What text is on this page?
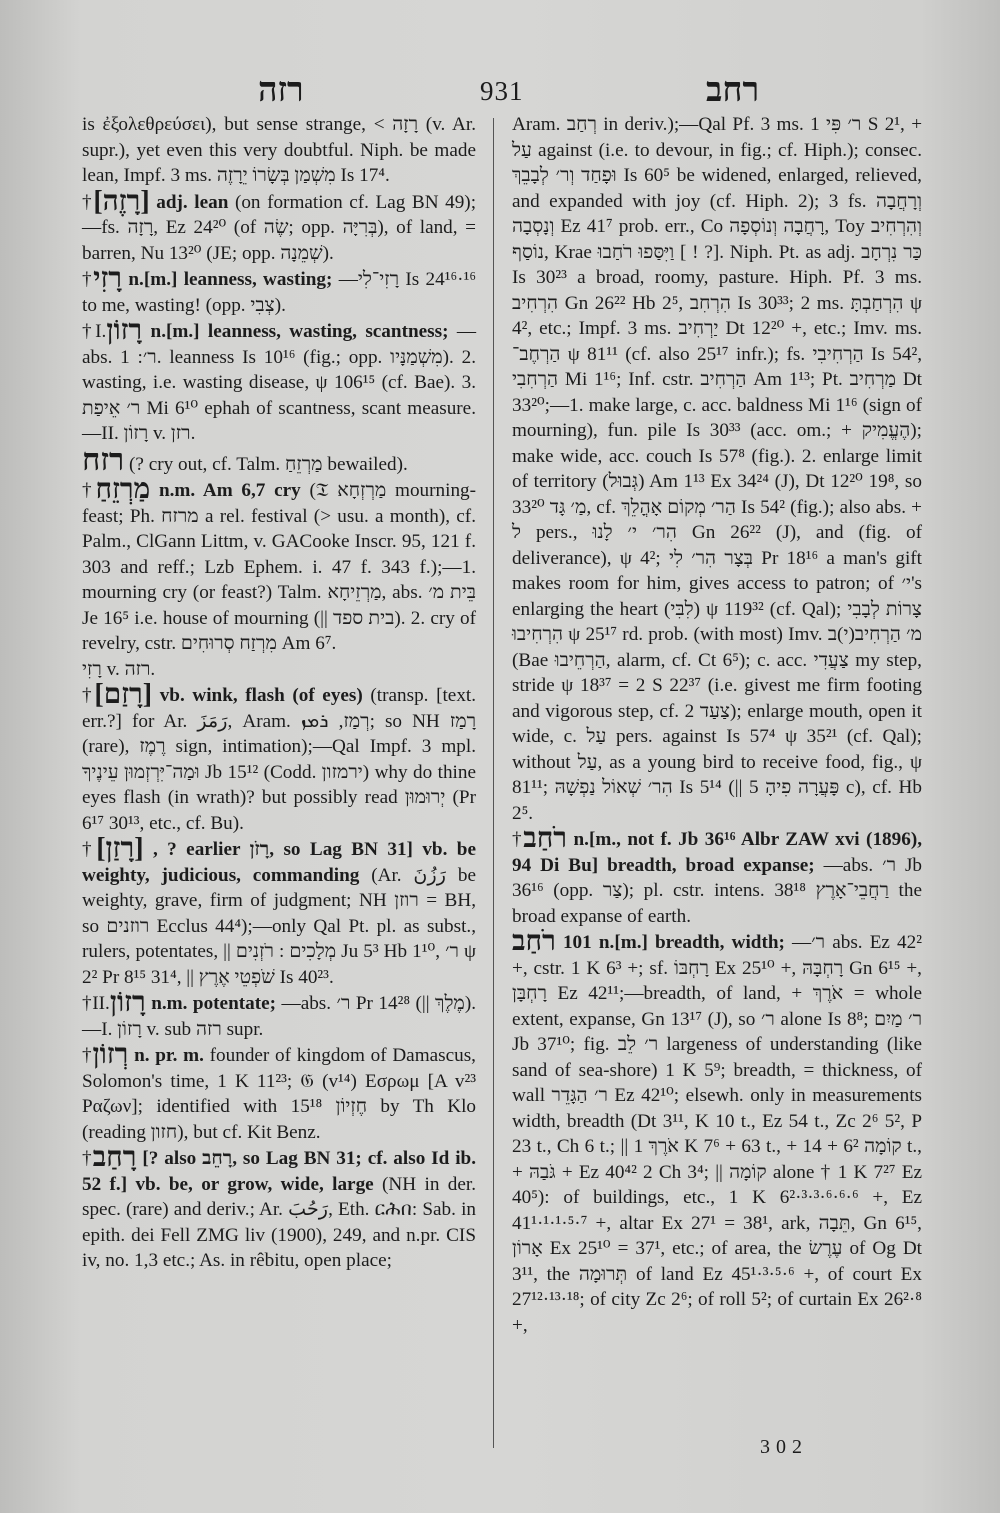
רזה	931	רחב

is ἐξολεθρεύσει), but sense strange, < רָזָה (v. Ar. supr.), yet even this very doubtful. Niph. be made lean, Impf. 3 ms. מִשְׁמַן בְּשָׂרוֹ יֵרָזֶה Is 17⁴.

†[רָזֶה] adj. lean (on formation cf. Lag BN 49);—fs. רָזָה, Ez 24²⁰ (of שֶׂה; opp. בְּרִיָּה), of land, = barren, Nu 13²⁰ (JE; opp. שְׁמֵנָה).

†רָזִי n.[m.] leanness, wasting; —רָזִי־לִי Is 24¹⁶·¹⁶ to me, wasting! (opp. צְבִי).

†I.רָזוֹן n.[m.] leanness, wasting, scantness; —abs. ר׳: 1. leanness Is 10¹⁶ (fig.; opp. מִשְׁמַנָּיו). 2. wasting, i.e. wasting disease, ψ 106¹⁵ (cf. Bae). 3. ר׳ אֵיפַת Mi 6¹⁰ ephah of scantness, scant measure.—II. רָזוֹן v. רזן.

רזח (? cry out, cf. Talm. מַרְזֵחַ bewailed).

†מַרְזֵחַ n.m. Am 6,7 cry (𝔗 מַרְזְחָא mourning-feast; Ph. מרזח a rel. festival (> usu. a month), cf. Palm., ClGann Littm, v. GACooke Inscr. 95, 121 f. 303 and reff.; Lzb Ephem. i. 47 f. 343 f.);—1. mourning cry (or feast?) Talm. מַרְזֵיחָא, abs. בֵּית מ׳ Je 16⁵ i.e. house of mourning (|| בית ספד). 2. cry of revelry, cstr. מִרְזַח סְרוּחִים Am 6⁷.

רָזִי v. רזה.

†[רָזַם] vb. wink, flash (of eyes) (transp. [text. err.?] for Ar. رَمَزَ, Aram. רְמַז, ܪܡܙ; so NH רָמַז (rare), רֶמֶז sign, intimation);—Qal Impf. 3 mpl. וּמַה־יִּרְזְמוּן עֵינֶיךָ Jb 15¹² (Codd. ירמזון) why do thine eyes flash (in wrath)? but possibly read יְרוּמוּן (Pr 6¹⁷ 30¹³, etc., cf. Bu).

†[רָזַן] , ? earlier רָזֹן, so Lag BN 31] vb. be weighty, judicious, commanding (Ar. رَزُنَ be weighty, grave, firm of judgment; NH רוזן = BH, so רוזנים Ecclus 44⁴);—only Qal Pt. pl. as subst., rulers, potentates, || מְלָכִים : רֹזְנִים Ju 5³ Hb 1¹⁰, ר׳ ψ 2² Pr 8¹⁵ 31⁴, || שֹׁפְטֵי אֶרֶץ Is 40²³.

†II.רָזוֹן n.m. potentate; —abs. ר׳ Pr 14²⁸ (|| מֶלֶךְ).—I. רָזוֹן v. sub רזה supr.

†רְזוֹן n. pr. m. founder of kingdom of Damascus, Solomon's time, 1 K 11²³; 𝔊 (v¹⁴) Εσρωμ [A v²³ Ραζων]; identified with חֶזְיוֹן 15¹⁸ by Th Klo (reading חזון), but cf. Kit Benz.

†רָחַב [? also רָחֵב, so Lag BN 31; cf. also Id ib. 52 f.] vb. be, or grow, wide, large (NH in der. spec. (rare) and deriv.; Ar. رَحُبَ, Eth. ርሕበ: Sab. in epith. dei Fell ZMG liv (1900), 249, and n.pr. CIS iv, no. 1,3 etc.; As. in rêbitu, open place;

Aram. רְחַב in deriv.);—Qal Pf. 3 ms. ר׳ פִּי 1 S 2¹, + עַל against (i.e. to devour, in fig.; cf. Hiph.); consec. וּפָחַד וְר׳ לְבָבֵךְ Is 60⁵ be widened, enlarged, relieved, and expanded with joy (cf. Hiph. 2); 3 fs. וְרָחֲבָה וְנָסְבָה Ez 41⁷ prob. err., Co רָחֲבָה וְנוֹסְפָה, Toy וְהִרְחִיב נוֹסַף, Krae וַיִּסַּפוּ רֹחַבוּ [ ! ?]. Niph. Pt. as adj. כַּר נִרְחָב Is 30²³ a broad, roomy, pasture. Hiph. Pf. 3 ms. הִרְחִיב Gn 26²² Hb 2⁵, הִרְחִב Is 30³³; 2 ms. הִרְחַבְתָּ ψ 4², etc.; Impf. 3 ms. יַרְחִיב Dt 12²⁰ +, etc.; Imv. ms. הַרְחֶב־ ψ 81¹¹ (cf. also 25¹⁷ infr.); fs. הַרְחִיבִי Is 54², הַרְחִבִי Mi 1¹⁶; Inf. cstr. הַרְחִיב Am 1¹³; Pt. מַרְחִיב Dt 33²⁰;—1. make large, c. acc. baldness Mi 1¹⁶ (sign of mourning), fun. pile Is 30³³ (acc. om.; + הֶעֱמִיק); make wide, acc. couch Is 57⁸ (fig.). 2. enlarge limit of territory (גְּבוּל) Am 1¹³ Ex 34²⁴ (J), Dt 12²⁰ 19⁸, so מַ׳ גָּד 33²⁰, cf. הַר׳ מְקוֹם אָהֳלֵךְ Is 54² (fig.); also abs. + ל pers., הִר׳ י׳ לָנוּ Gn 26²² (J), and (fig. of deliverance), ψ 4²; בְּצָר הִר׳ לִי Pr 18¹⁶ a man's gift makes room for him, gives access to patron; of י׳'s enlarging the heart (לִבִּי) ψ 119³² (cf. Qal); צָרוֹת לְבָבִי הִרְחִיבוּ ψ 25¹⁷ rd. prob. (with most) Imv. מ׳ הַרְחִיב(י)ב (Bae הַרְחֵיבוּ, alarm, cf. Ct 6⁵); c. acc. צַעֲדִי my step, stride ψ 18³⁷ = 2 S 22³⁷ (i.e. givest me firm footing and vigorous step, cf. צַעַד 2); enlarge mouth, open it wide, c. עַל pers. against Is 57⁴ ψ 35²¹ (cf. Qal); without עַל, as a young bird to receive food, fig., ψ 81¹¹; הִר׳ שְׁאוֹל נַפְשָׁהּ Is 5¹⁴ (|| פָּעֲרָה פִיהָ 5 c), cf. Hb 2⁵.

†רֹחַב n.[m., not f. Jb 36¹⁶ Albr ZAW xvi (1896), 94 Di Bu] breadth, broad expanse; —abs. ר׳ Jb 36¹⁶ (opp. צַר); pl. cstr. intens. רַחֲבֵי־אָרֶץ 38¹⁸ the broad expanse of earth.

רֹחַב 101 n.[m.] breadth, width; —ר׳ abs. Ez 42² +, cstr. 1 K 6³ +; sf. רָחְבּוֹ Ex 25¹⁰ +, רָחְבָּהּ Gn 6¹⁵ +, רָחְבָּן Ez 42¹¹;—breadth, of land, + אֹרֶךְ = whole extent, expanse, Gn 13¹⁷ (J), so ר׳ alone Is 8⁸; ר׳ מַיִם Jb 37¹⁰; fig. ר׳ לֵב largeness of understanding (like sand of sea-shore) 1 K 5⁹; breadth, = thickness, of wall ר׳ הַגָּדֵר Ez 42¹⁰; elsewh. only in measurements width, breadth (Dt 3¹¹, K 10 t., Ez 54 t., Zc 2⁶ 5², P 23 t., Ch 6 t.; || אֹרֶךְ 1 K 7⁶ + 63 t., + קוֹמָה 6² + 14 t., + גֹּבַהּ + Ez 40⁴² 2 Ch 3⁴; || קוֹמָה alone † 1 K 7²⁷ Ez 40⁵): of buildings, etc., 1 K 6²·³·³·⁶·⁶·⁶ +, Ez 41¹·¹·¹·⁵·⁷ +, altar Ex 27¹ = 38¹, ark, תֵּבָה, Gn 6¹⁵, אָרוֹן Ex 25¹⁰ = 37¹, etc.; of area, the עֶרֶשׂ of Og Dt 3¹¹, the תְּרוּמָה of land Ez 45¹·³·⁵·⁶ +, of court Ex 27¹²·¹³·¹⁸; of city Zc 2⁶; of roll 5²; of curtain Ex 26²·⁸ +,

302
